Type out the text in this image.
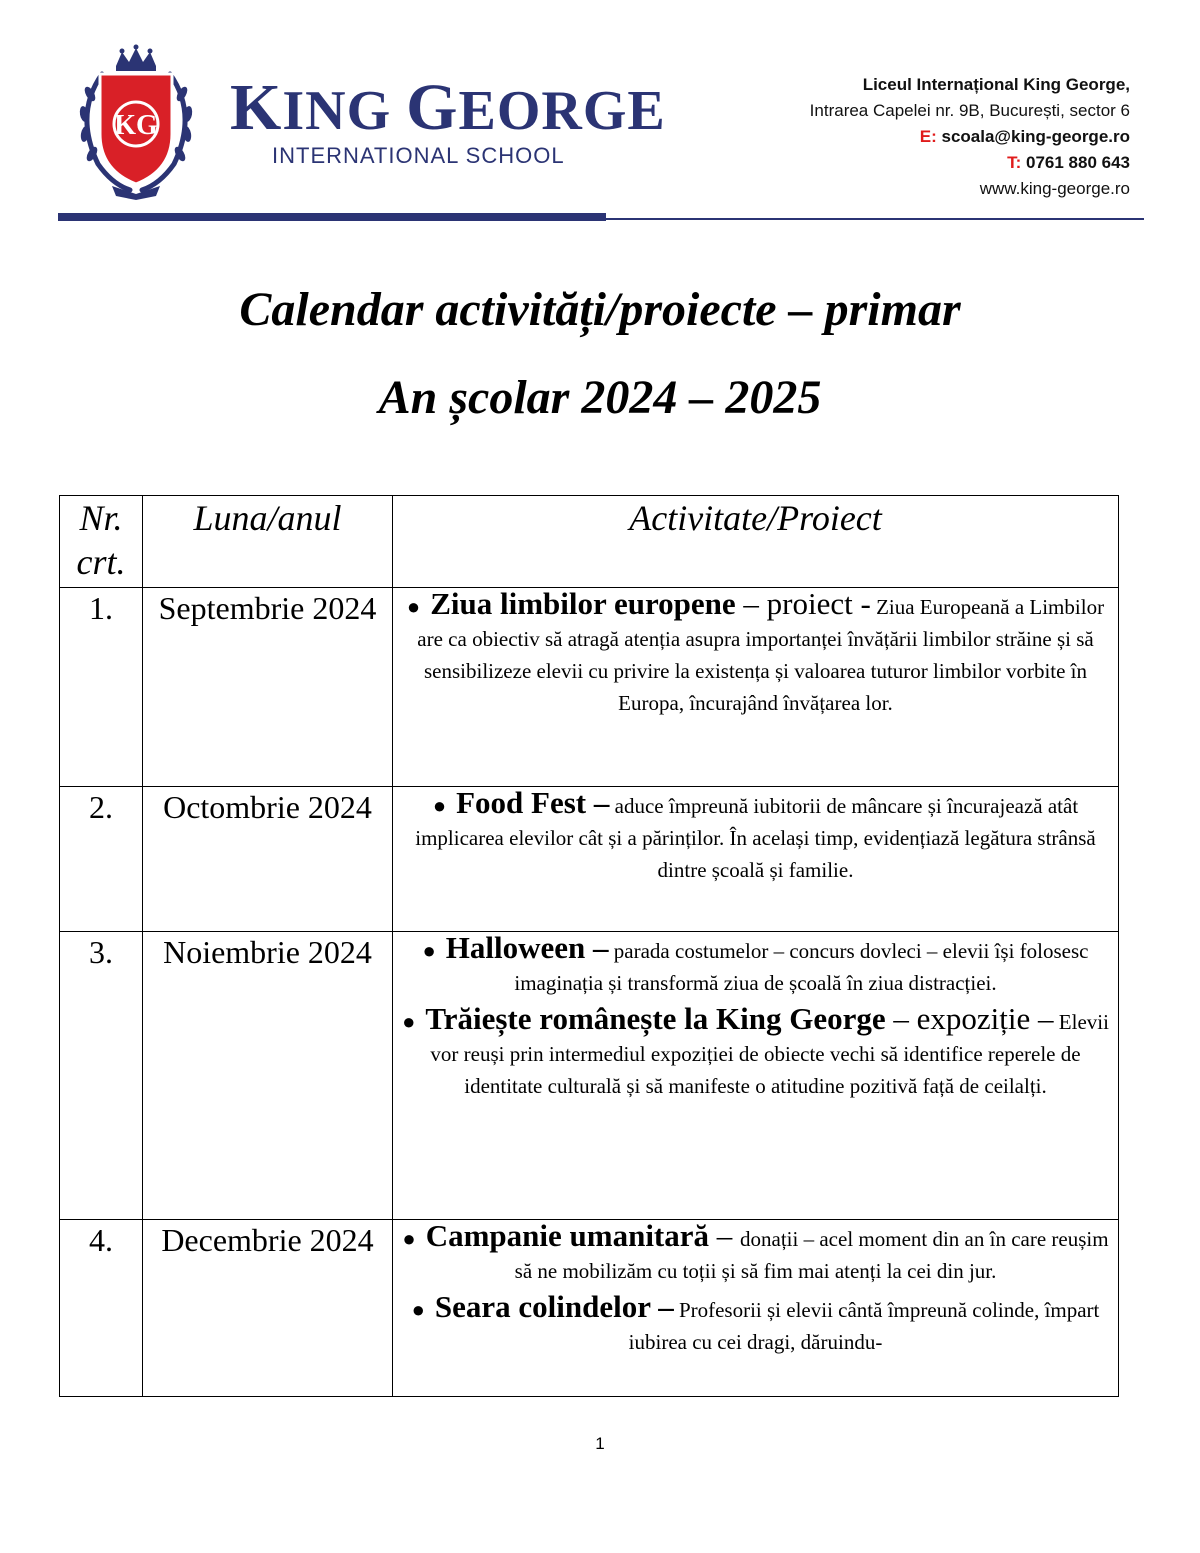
KG KING GEORGE
INTERNATIONAL SCHOOL
Liceul Internațional King George,
Intrarea Capelei nr. 9B, București, sector 6
E: scoala@king-george.ro
T: 0761 880 643
www.king-george.ro
Calendar activități/proiecte – primar
An școlar 2024 – 2025
Nr. crt.	Luna/anul	Activitate/Proiect
1.	Septembrie 2024	● Ziua limbilor europene – proiect - Ziua Europeană a Limbilor are ca obiectiv să atragă atenția asupra importanței învățării limbilor străine și să sensibilizeze elevii cu privire la existența și valoarea tuturor limbilor vorbite în Europa, încurajând învățarea lor.

2.	Octombrie 2024	● Food Fest – aduce împreună iubitorii de mâncare și încurajează atât implicarea elevilor cât și a părinților. În același timp, evidențiază legătura strânsă dintre școală și familie.

3.	Noiembrie 2024	● Halloween – parada costumelor – concurs dovleci – elevii își folosesc imaginația și transformă ziua de școală în ziua distracției.

● Trăiește românește la King George – expoziție – Elevii vor reuși prin intermediul expoziției de obiecte vechi să identifice reperele de identitate culturală și să manifeste o atitudine pozitivă față de ceilalți.

4.	Decembrie 2024	● Campanie umanitară – donații – acel moment din an în care reușim să ne mobilizăm cu toții și să fim mai atenți la cei din jur.

● Seara colindelor – Profesorii și elevii cântă împreună colinde, împart iubirea cu cei dragi, dăruindu-

1
